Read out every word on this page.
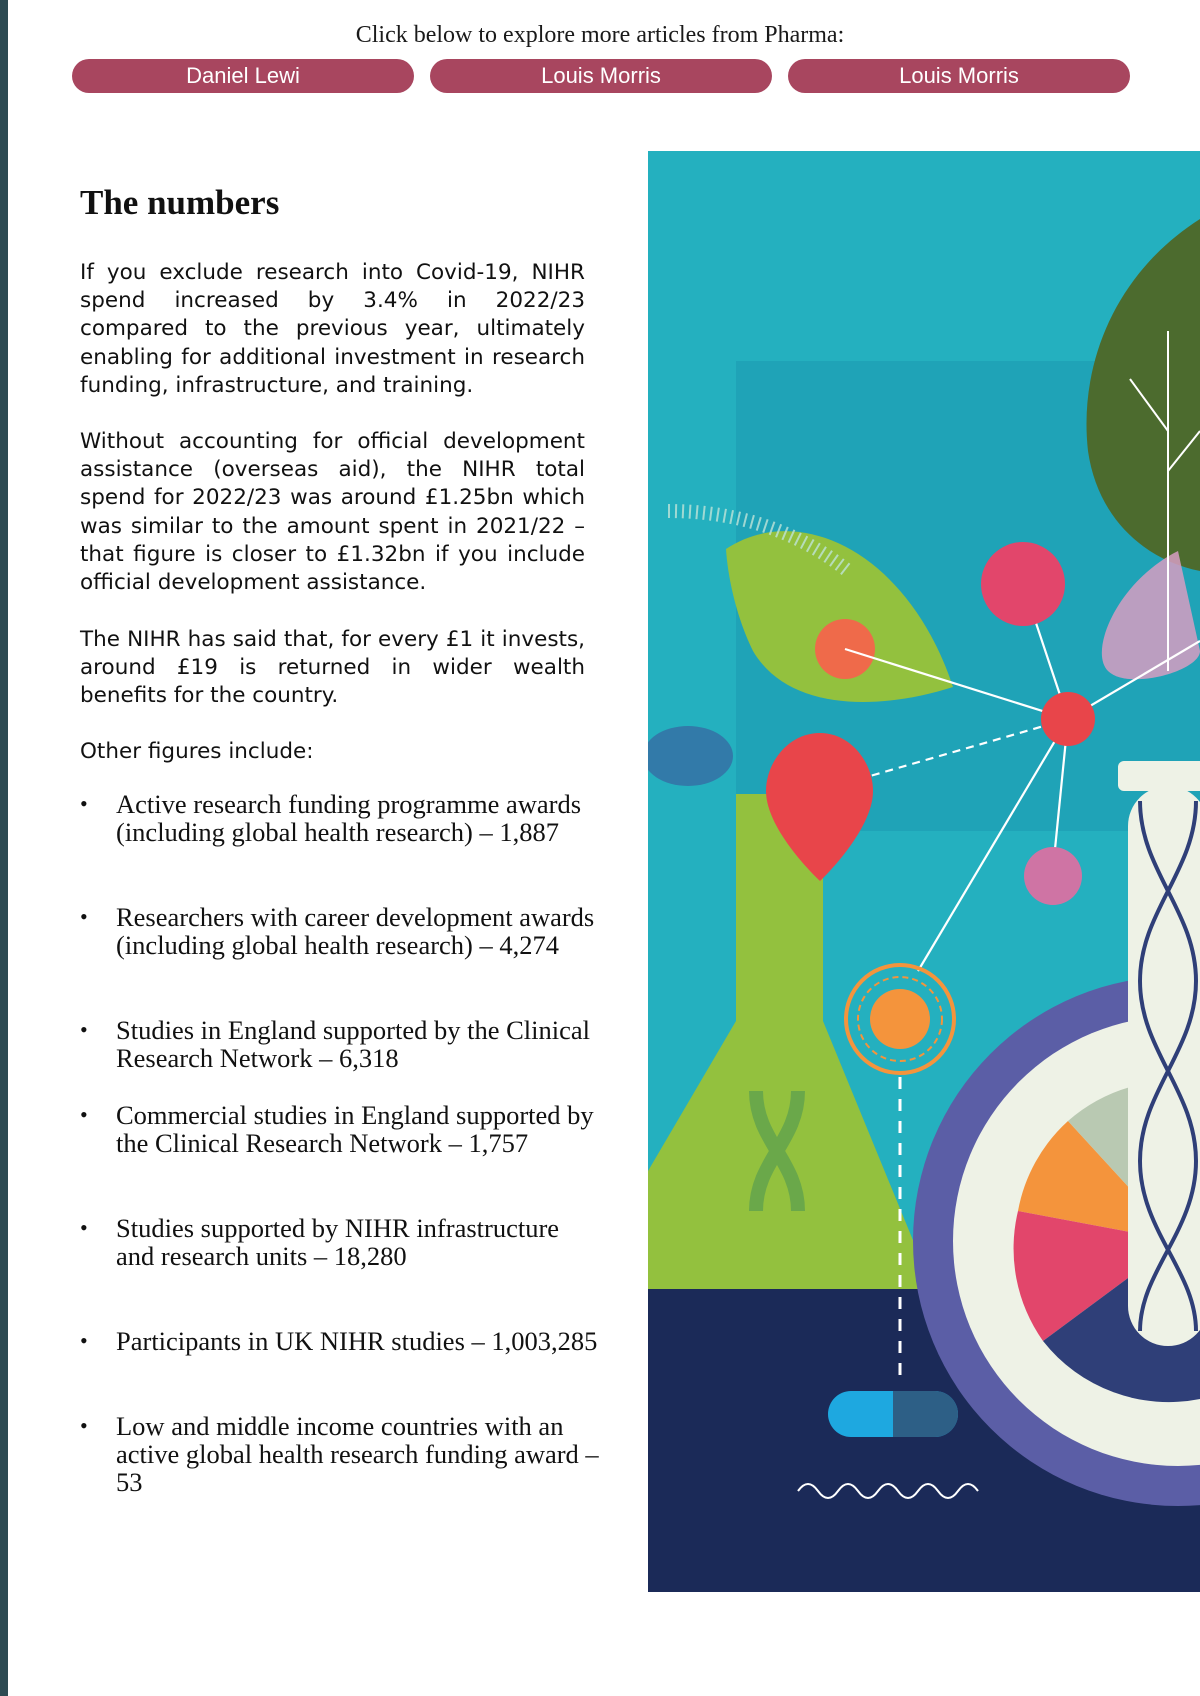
Click below to explore more articles from Pharma:
Daniel Lewi	Louis Morris	Louis Morris
The numbers

If you exclude research into Covid-19, NIHR spend increased by 3.4% in 2022/23 compared to the previous year, ultimately enabling for additional investment in research funding, infrastructure, and training.

Without accounting for official development assistance (overseas aid), the NIHR total spend for 2022/23 was around £1.25bn which was similar to the amount spent in 2021/22 – that figure is closer to £1.32bn if you include official development assistance.

The NIHR has said that, for every £1 it invests, around £19 is returned in wider wealth benefits for the country.

Other figures include:

• Active research funding programme awards (including global health research) – 1,887
• Researchers with career development awards (including global health research) – 4,274
• Studies in England supported by the Clinical Research Network – 6,318
• Commercial studies in England supported by the Clinical Research Network – 1,757
• Studies supported by NIHR infrastructure and research units – 18,280
• Participants in UK NIHR studies – 1,003,285
• Low and middle income countries with an active global health research funding award – 53
